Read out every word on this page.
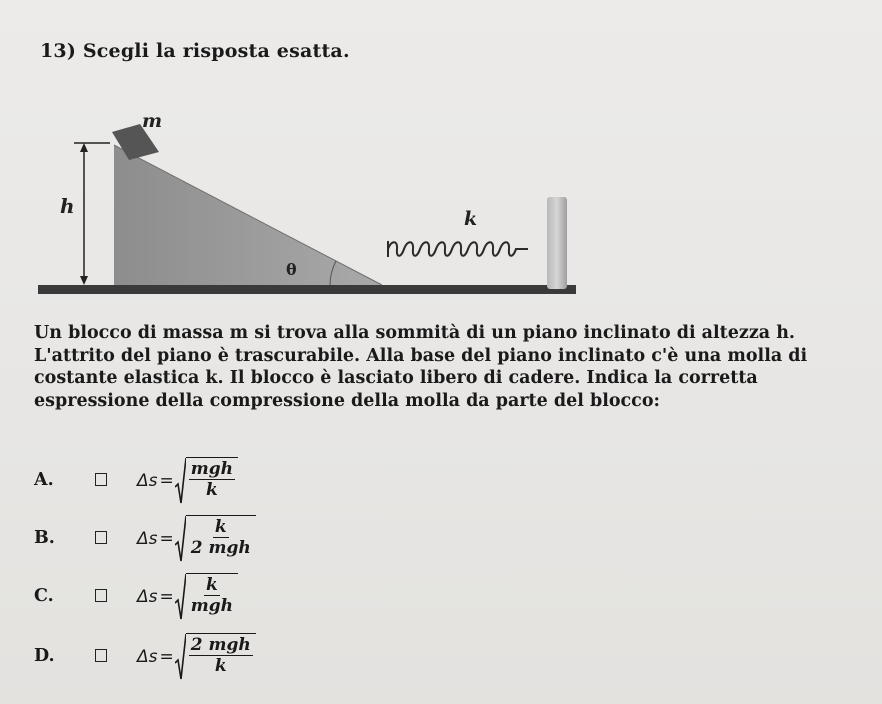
13) Scegli la risposta esatta.
m
h
θ
k
Un blocco di massa m si trova alla sommità di un piano inclinato di altezza h.
L'attrito del piano è trascurabile. Alla base del piano inclinato c'è una molla di
costante elastica k. Il blocco è lasciato libero di cadere. Indica la corretta
espressione della compressione della molla da parte del blocco:
A.	$\Delta s = \frac{\text{mgh}}{k}$
B.	$\Delta s = \frac{k}{\text{2 mgh}}$
C.	$\Delta s = \frac{k}{\text{mgh}}$
D.	$\Delta s = \frac{\text{2 mgh}}{k}$
